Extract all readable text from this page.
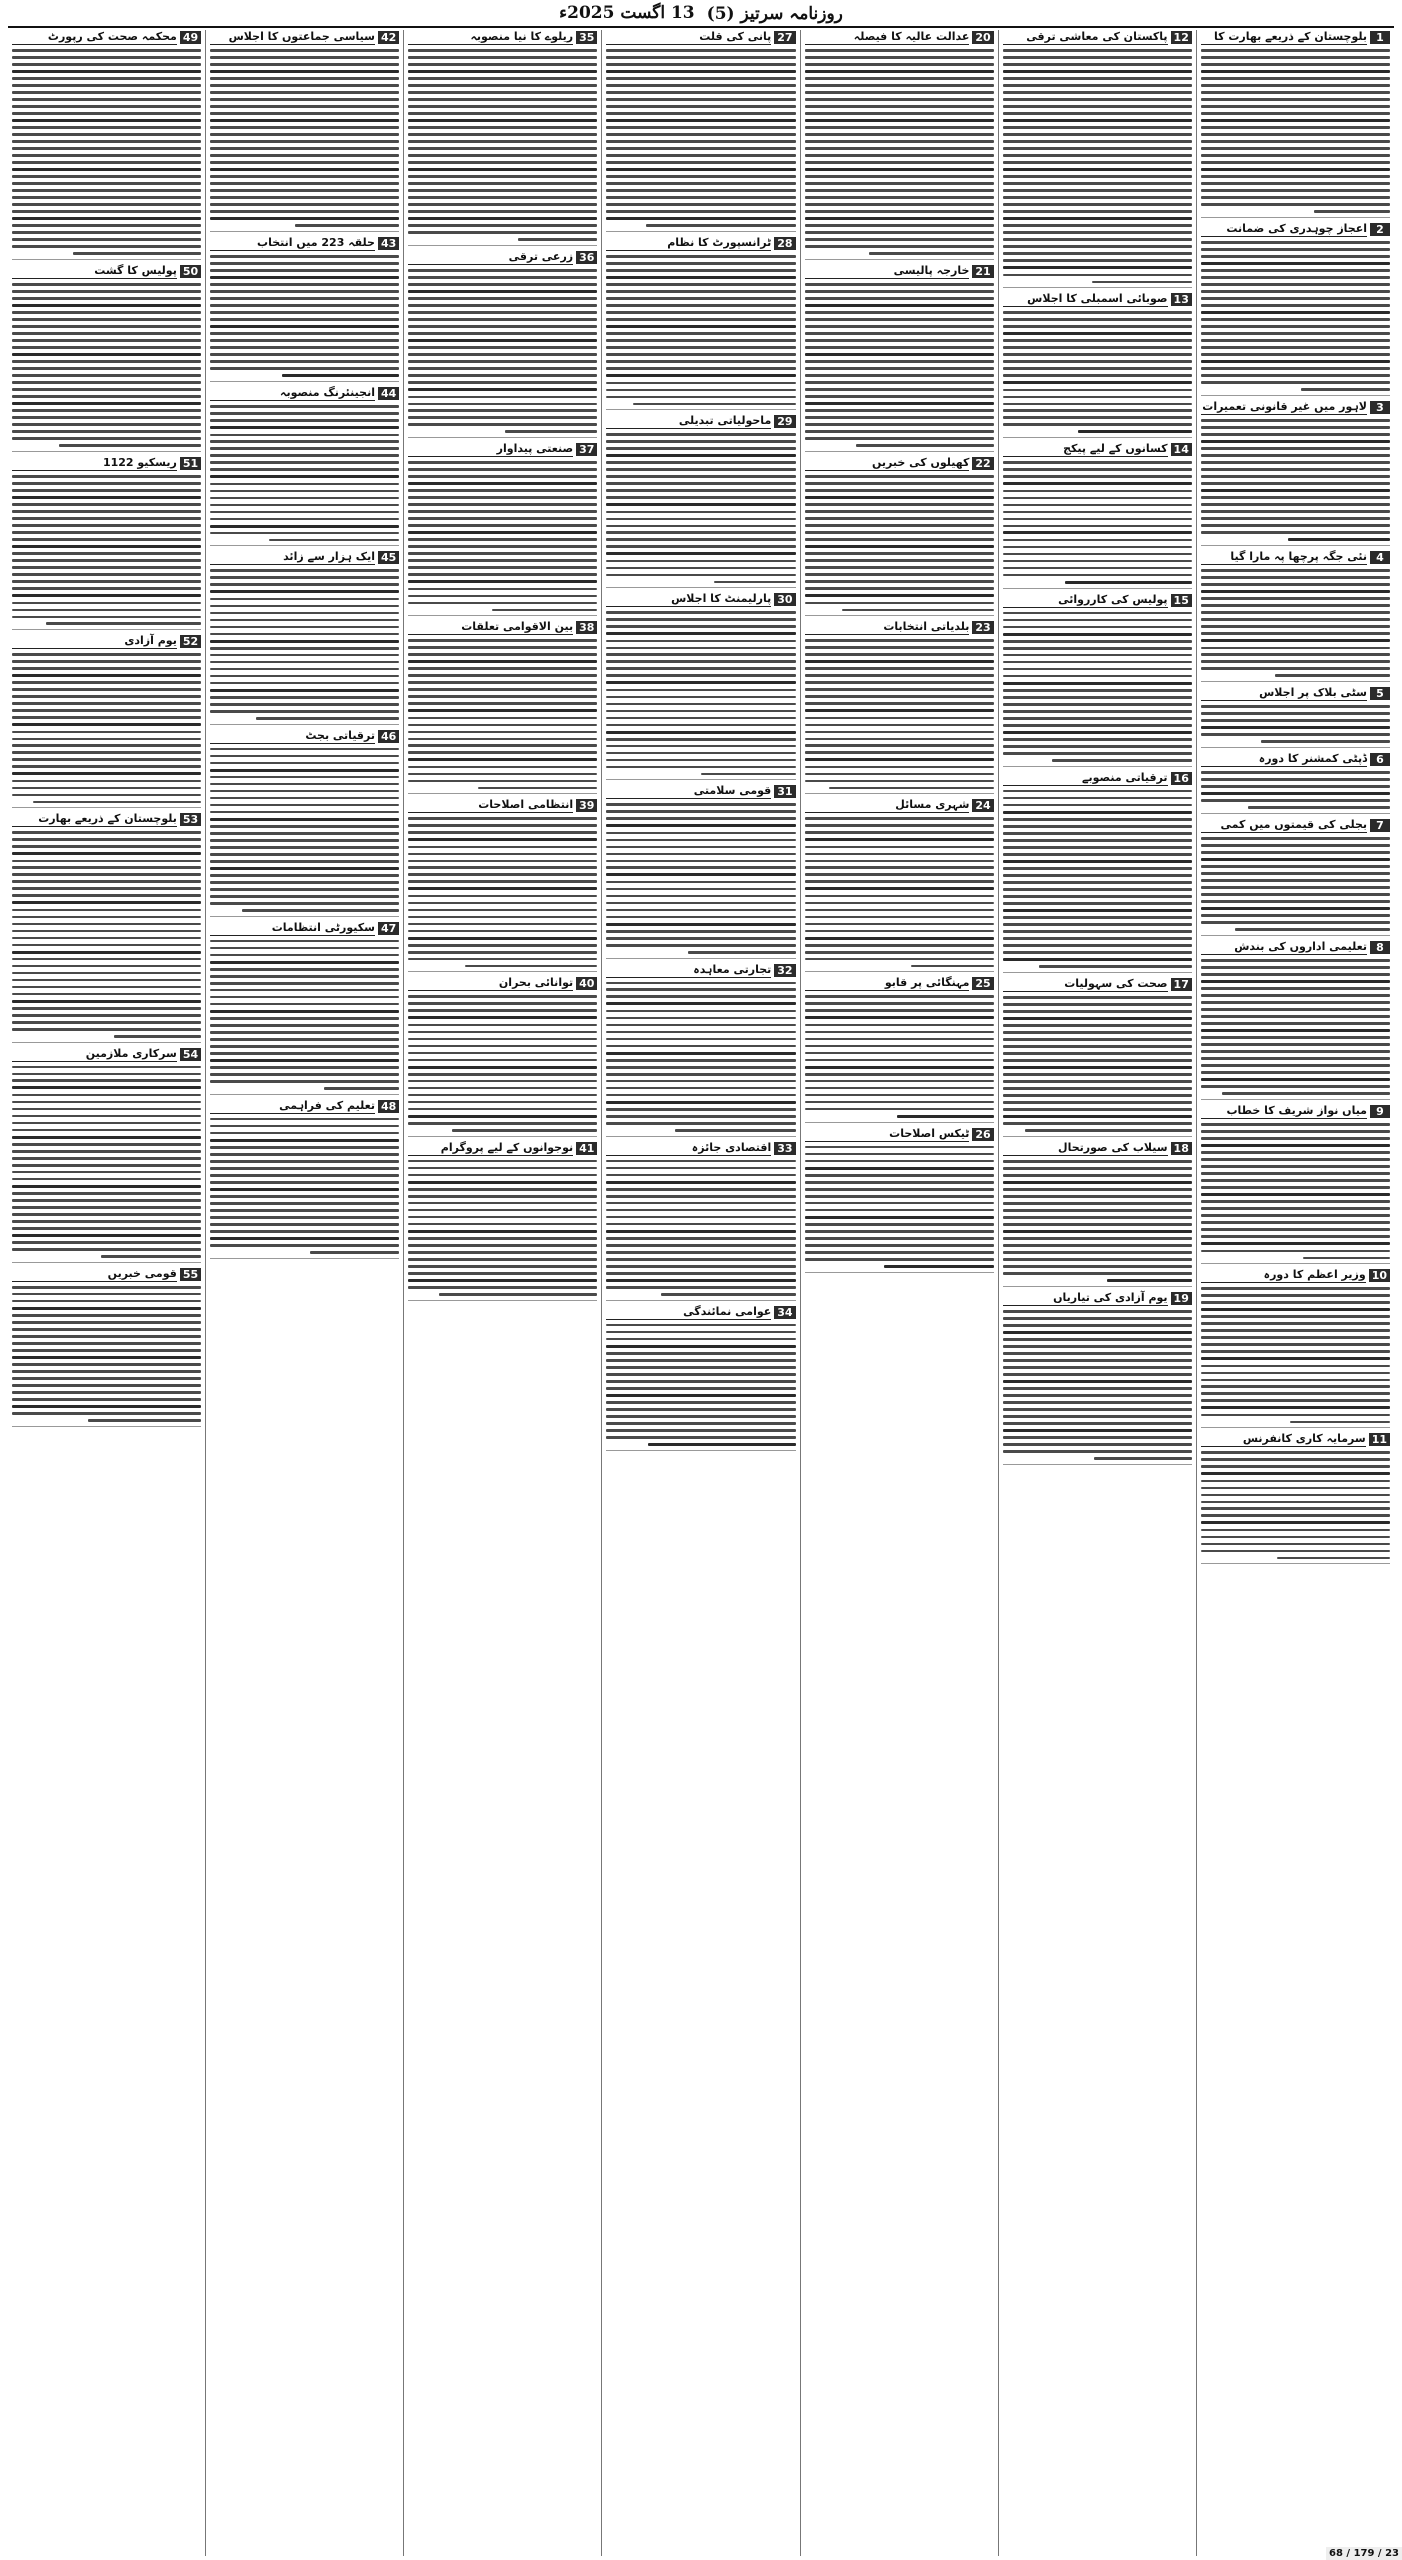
روزنامہ سرتیز (5)
13 اگست 2025ء
1
بلوچستان کے ذریعے بھارت کا
2
اعجاز چوہدری کی ضمانت
3
لاہور میں غیر قانونی تعمیرات
4
نئی جگہ پرچھا پہ مارا گیا
5
سٹی بلاک پر اجلاس
6
ڈپٹی کمشنر کا دورہ
7
بجلی کی قیمتوں میں کمی
8
تعلیمی اداروں کی بندش
9
میاں نواز شریف کا خطاب
10
وزیر اعظم کا دورہ
11
سرمایہ کاری کانفرنس
12
پاکستان کی معاشی ترقی
13
صوبائی اسمبلی کا اجلاس
14
کسانوں کے لیے پیکج
15
پولیس کی کارروائی
16
ترقیاتی منصوبے
17
صحت کی سہولیات
18
سیلاب کی صورتحال
19
یوم آزادی کی تیاریاں
20
عدالت عالیہ کا فیصلہ
21
خارجہ پالیسی
22
کھیلوں کی خبریں
23
بلدیاتی انتخابات
24
شہری مسائل
25
مہنگائی پر قابو
26
ٹیکس اصلاحات
27
پانی کی قلت
28
ٹرانسپورٹ کا نظام
29
ماحولیاتی تبدیلی
30
پارلیمنٹ کا اجلاس
31
قومی سلامتی
32
تجارتی معاہدہ
33
اقتصادی جائزہ
34
عوامی نمائندگی
35
ریلوے کا نیا منصوبہ
36
زرعی ترقی
37
صنعتی پیداوار
38
بین الاقوامی تعلقات
39
انتظامی اصلاحات
40
توانائی بحران
41
نوجوانوں کے لیے پروگرام
42
سیاسی جماعتوں کا اجلاس
43
حلقہ 223 میں انتخاب
44
انجینئرنگ منصوبہ
45
ایک ہزار سے زائد
46
ترقیاتی بجٹ
47
سکیورٹی انتظامات
48
تعلیم کی فراہمی
49
محکمہ صحت کی رپورٹ
50
پولیس کا گشت
51
ریسکیو 1122
52
یوم آزادی
53
بلوچستان کے ذریعے بھارت
54
سرکاری ملازمین
55
قومی خبریں
23 / 179 / 68
